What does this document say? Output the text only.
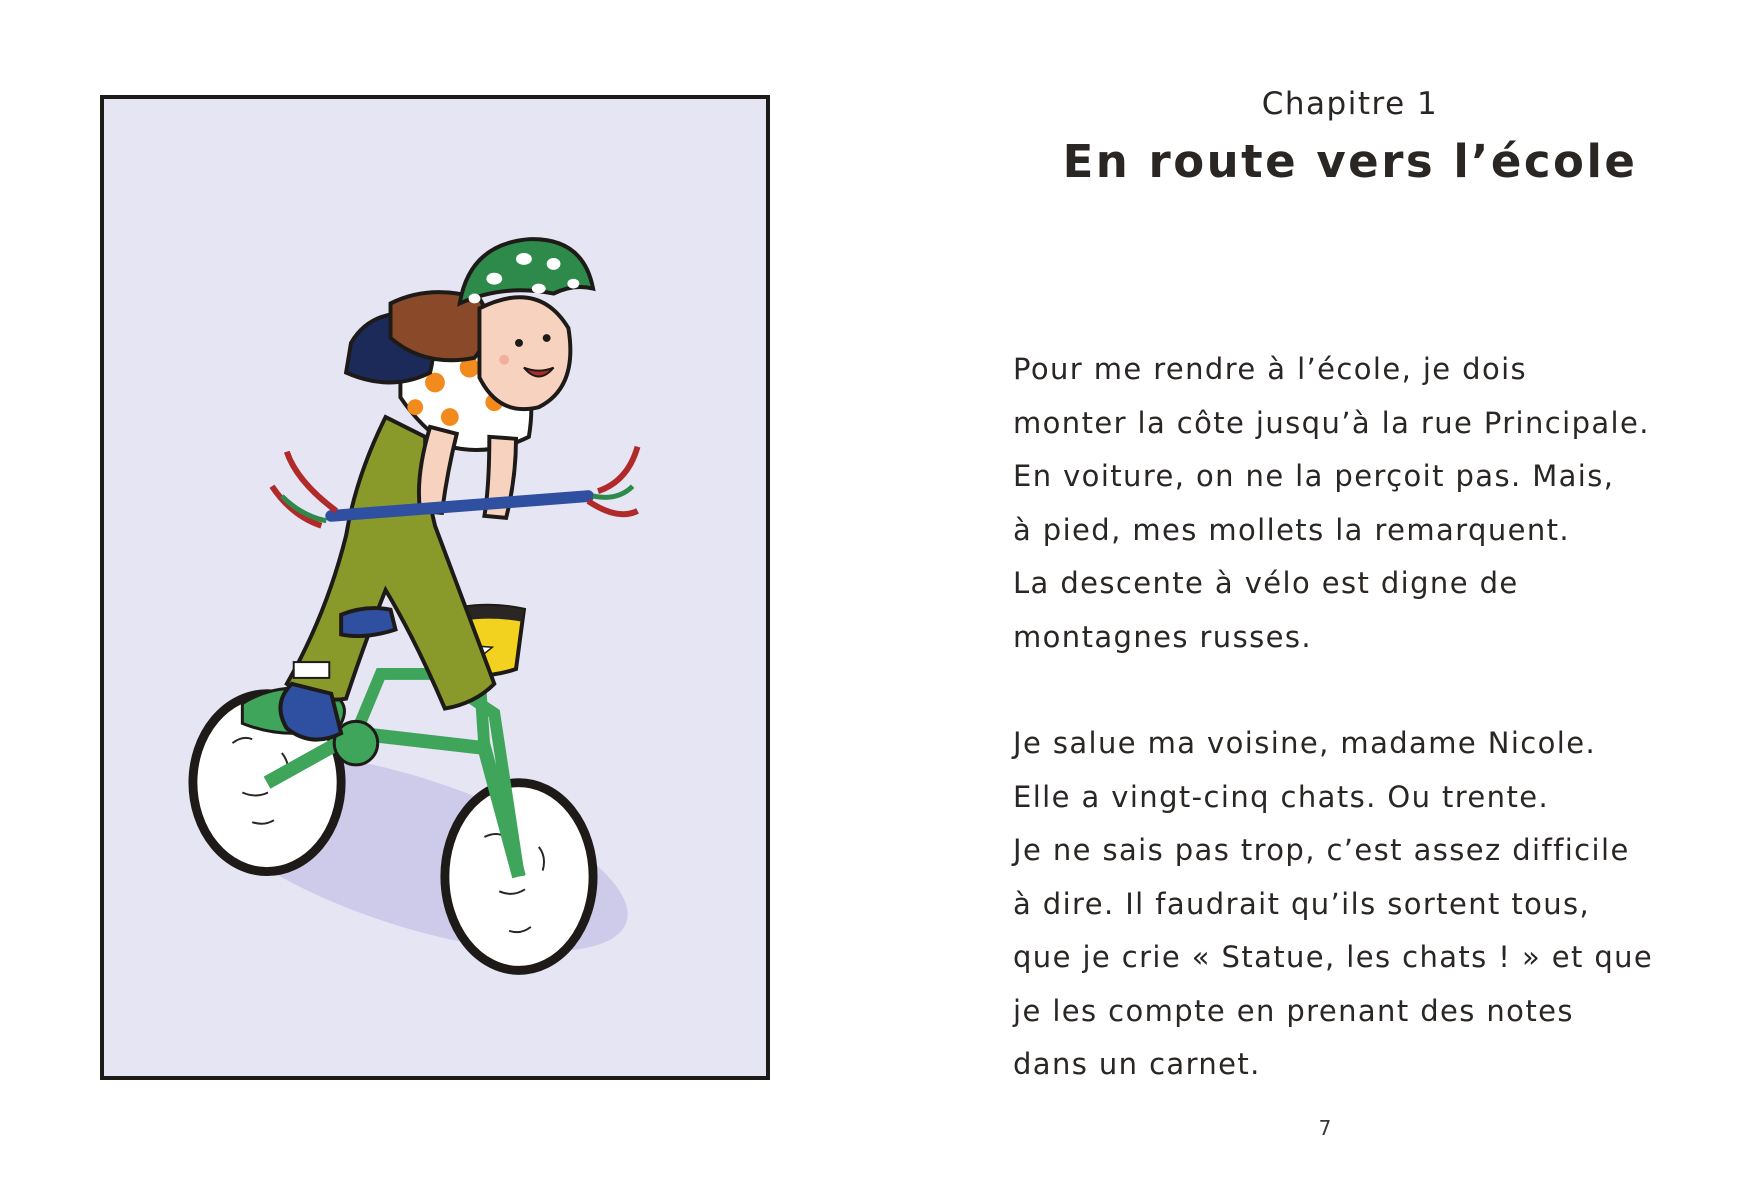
Chapitre 1
En route vers l’école

Pour me rendre à l’école, je dois
monter la côte jusqu’à la rue Principale.
En voiture, on ne la perçoit pas. Mais,
à pied, mes mollets la remarquent.
La descente à vélo est digne de
montagnes russes.

Je salue ma voisine, madame Nicole.
Elle a vingt-cinq chats. Ou trente.
Je ne sais pas trop, c’est assez difficile
à dire. Il faudrait qu’ils sortent tous,
que je crie « Statue, les chats ! » et que
je les compte en prenant des notes
dans un carnet.

7
